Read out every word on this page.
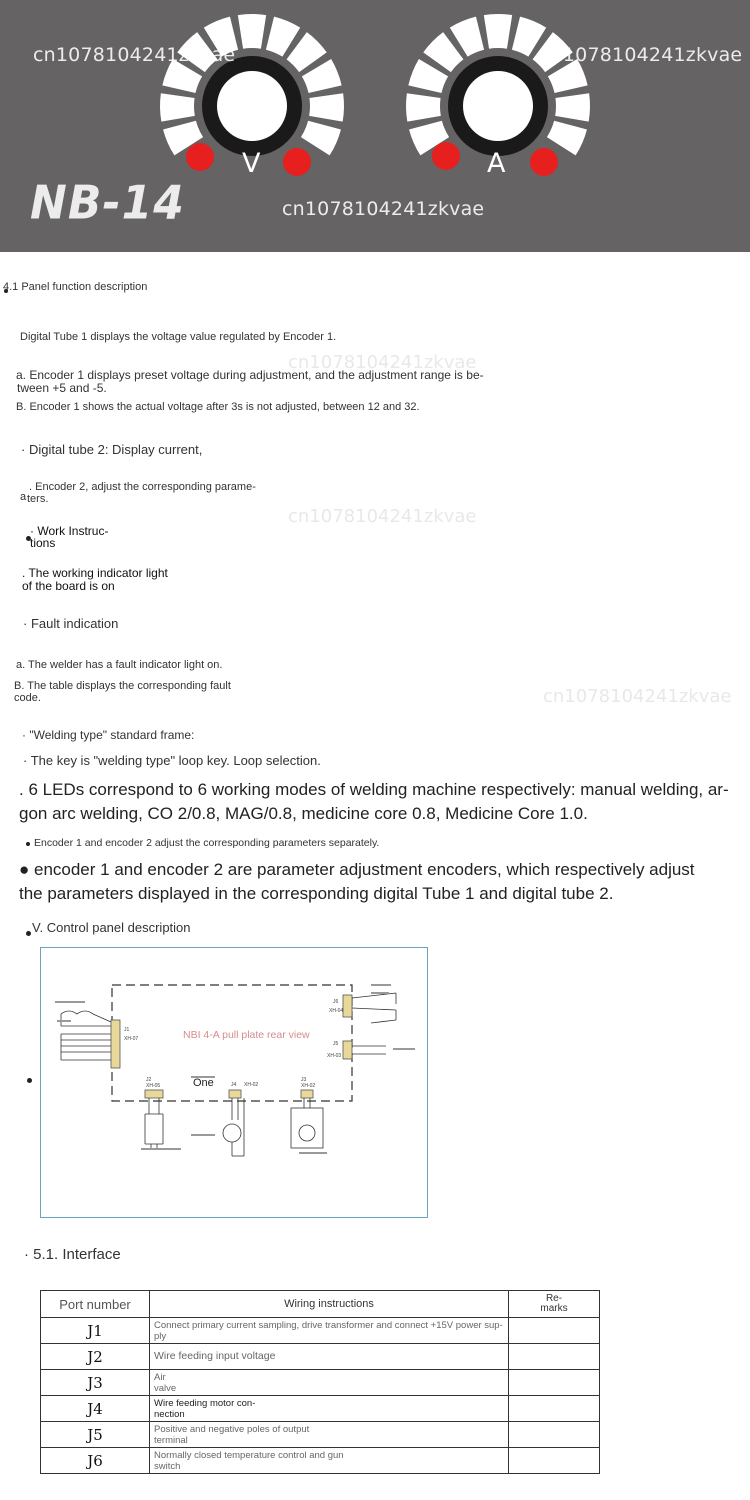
cn1078104241zkvae	cn1078104241zkvae
cn1078104241zkvae
V	A
NB-14
4.1 Panel function description
cn1078104241zkvae
Digital Tube 1 displays the voltage value regulated by Encoder 1.
a. Encoder 1 displays preset voltage during adjustment, and the adjustment range is be-
tween +5 and -5.
B. Encoder 1 shows the actual voltage after 3s is not adjusted, between 12 and 32.
· Digital tube 2: Display current,
a
. Encoder 2, adjust the corresponding parame-
ters.
cn1078104241zkvae
· Work Instruc-
tions
. The working indicator light
of the board is on
· Fault indication
a. The welder has a fault indicator light on.
B. The table displays the corresponding fault
code.	cn1078104241zkvae
· "Welding type" standard frame:
· The key is "welding type" loop key. Loop selection.
. 6 LEDs correspond to 6 working modes of welding machine respectively: manual welding, ar-
gon arc welding, CO 2/0.8, MAG/0.8, medicine core 0.8, Medicine Core 1.0.
Encoder 1 and encoder 2 adjust the corresponding parameters separately.
● encoder 1 and encoder 2 are parameter adjustment encoders, which respectively adjust
the parameters displayed in the corresponding digital Tube 1 and digital tube 2.
V. Control panel description
NBI 4-A pull plate rear view
One
J1
XH-07
J2
XH-05
J3
XH-02
J4 XH-02
J5
XH-03
J6
XH-04
· 5.1. Interface
Port number	Wiring instructions	Re-
marks

J1	Connect primary current sampling, drive transformer and connect +15V power sup-
ply	

J2	Wire feeding input voltage	

J3	Air
valve	

J4	Wire feeding motor con-
nection	

J5	Positive and negative poles of output
terminal	

J6	Normally closed temperature control and gun
switch	
